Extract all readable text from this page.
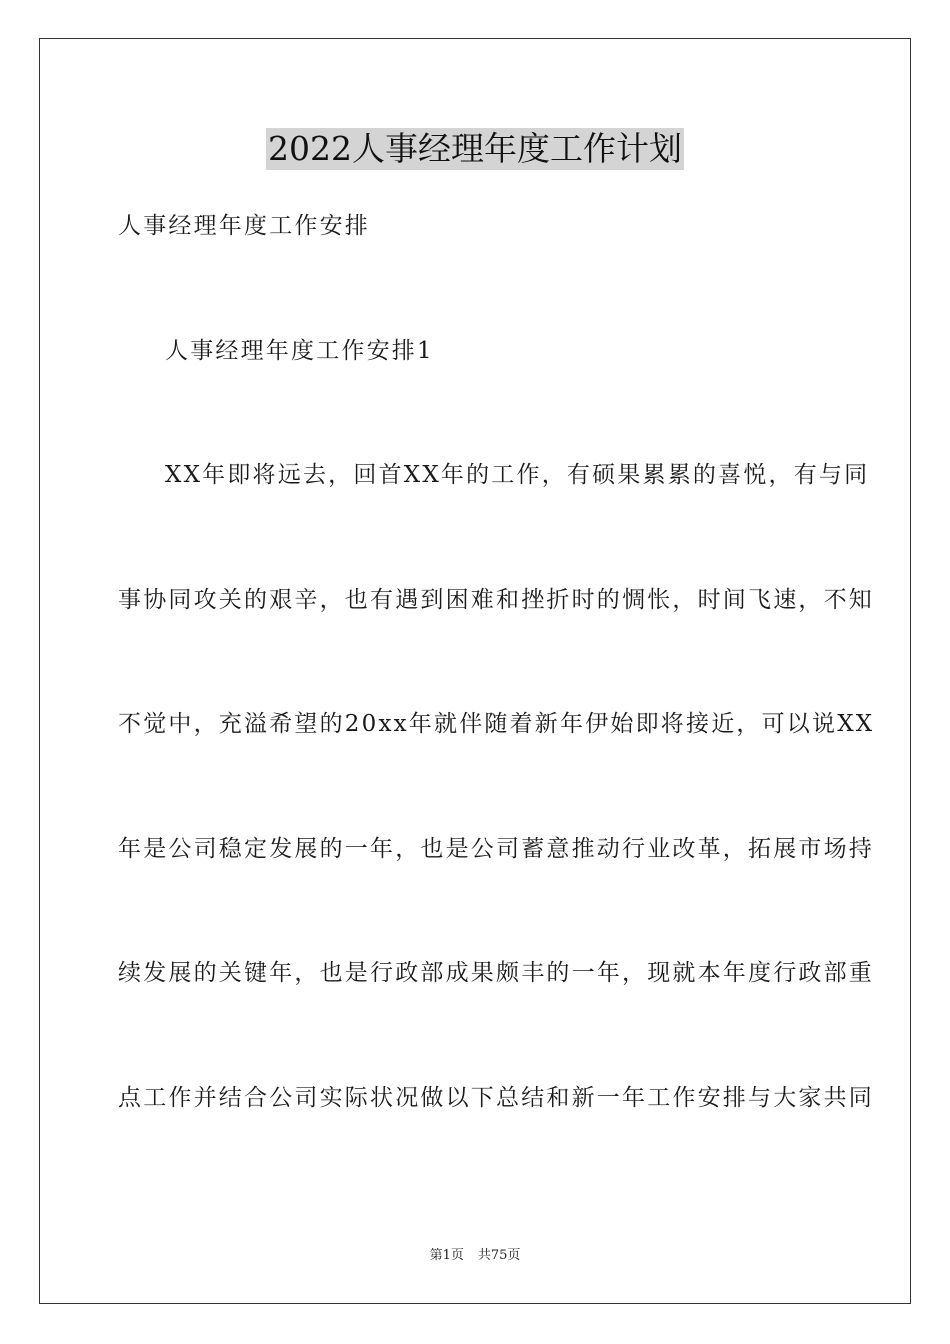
2022人事经理年度工作计划
人事经理年度工作安排
人事经理年度工作安排1
XX年即将远去，回首XX年的工作，有硕果累累的喜悦，有与同
事协同攻关的艰辛，也有遇到困难和挫折时的惆怅，时间飞速，不知
不觉中，充溢希望的20xx年就伴随着新年伊始即将接近，可以说XX
年是公司稳定发展的一年，也是公司蓄意推动行业改革，拓展市场持
续发展的关键年，也是行政部成果颇丰的一年，现就本年度行政部重
点工作并结合公司实际状况做以下总结和新一年工作安排与大家共同
第1页 共75页
